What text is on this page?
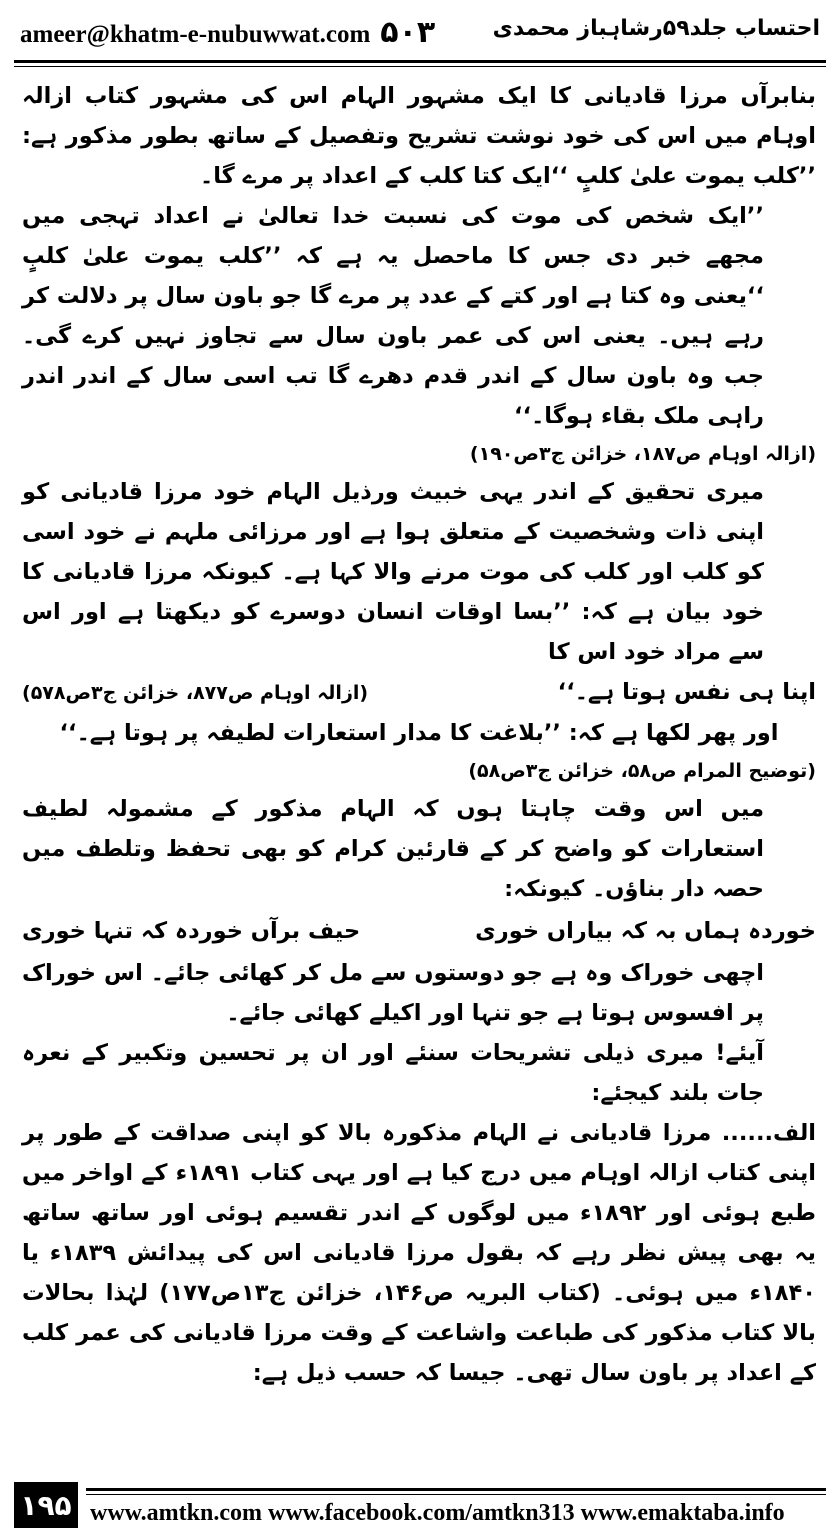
ameer@khatm-e-nubuwwat.com ۵۰۳	احتساب جلد۵۹رشاہباز محمدی

بنابرآں مرزا قادیانی کا ایک مشہور الہام اس کی مشہور کتاب ازالہ اوہام میں اس کی خود نوشت تشریح وتفصیل کے ساتھ بطور مذکور ہے: ’’کلب یموت علیٰ کلبٍ ‘‘ایک کتا کلب کے اعداد پر مرے گا۔

’’ایک شخص کی موت کی نسبت خدا تعالیٰ نے اعداد تہجی میں مجھے خبر دی جس کا ماحصل یہ ہے کہ ’’کلب یموت علیٰ کلبٍ ‘‘یعنی وہ کتا ہے اور کتے کے عدد پر مرے گا جو باون سال پر دلالت کر رہے ہیں۔ یعنی اس کی عمر باون سال سے تجاوز نہیں کرے گی۔ جب وہ باون سال کے اندر قدم دھرے گا تب اسی سال کے اندر اندر راہی ملک بقاء ہوگا۔‘‘

(ازالہ اوہام ص۱۸۷، خزائن ج۳ص۱۹۰)

میری تحقیق کے اندر یہی خبیث ورذیل الہام خود مرزا قادیانی کو اپنی ذات وشخصیت کے متعلق ہوا ہے اور مرزائی ملہم نے خود اسی کو کلب اور کلب کی موت مرنے والا کہا ہے۔ کیونکہ مرزا قادیانی کا خود بیان ہے کہ: ’’بسا اوقات انسان دوسرے کو دیکھتا ہے اور اس سے مراد خود اس کا

اپنا ہی نفس ہوتا ہے۔‘‘
(ازالہ اوہام ص۸۷۷، خزائن ج۳ص۵۷۸)

اور پھر لکھا ہے کہ: ’’بلاغت کا مدار استعارات لطیفہ پر ہوتا ہے۔‘‘

(توضیح المرام ص۵۸، خزائن ج۳ص۵۸)

میں اس وقت چاہتا ہوں کہ الہام مذکور کے مشمولہ لطیف استعارات کو واضح کر کے قارئین کرام کو بھی تحفظ وتلطف میں حصہ دار بناؤں۔ کیونکہ:

خوردہ ہماں بہ کہ بیاراں خوری
حیف برآں خوردہ کہ تنہا خوری

اچھی خوراک وہ ہے جو دوستوں سے مل کر کھائی جائے۔ اس خوراک پر افسوس ہوتا ہے جو تنہا اور اکیلے کھائی جائے۔

آیئے! میری ذیلی تشریحات سنئے اور ان پر تحسین وتکبیر کے نعرہ جات بلند کیجئے:

الف...... مرزا قادیانی نے الہام مذکورہ بالا کو اپنی صداقت کے طور پر اپنی کتاب ازالہ اوہام میں درج کیا ہے اور یہی کتاب ۱۸۹۱ء کے اواخر میں طبع ہوئی اور ۱۸۹۲ء میں لوگوں کے اندر تقسیم ہوئی اور ساتھ ساتھ یہ بھی پیش نظر رہے کہ بقول مرزا قادیانی اس کی پیدائش ۱۸۳۹ء یا ۱۸۴۰ء میں ہوئی۔ (کتاب البریہ ص۱۴۶، خزائن ج۱۳ص۱۷۷) لہٰذا بحالات بالا کتاب مذکور کی طباعت واشاعت کے وقت مرزا قادیانی کی عمر کلب کے اعداد پر باون سال تھی۔ جیسا کہ حسب ذیل ہے:

۱۹۵ www.amtkn.com www.facebook.com/amtkn313 www.emaktaba.info
